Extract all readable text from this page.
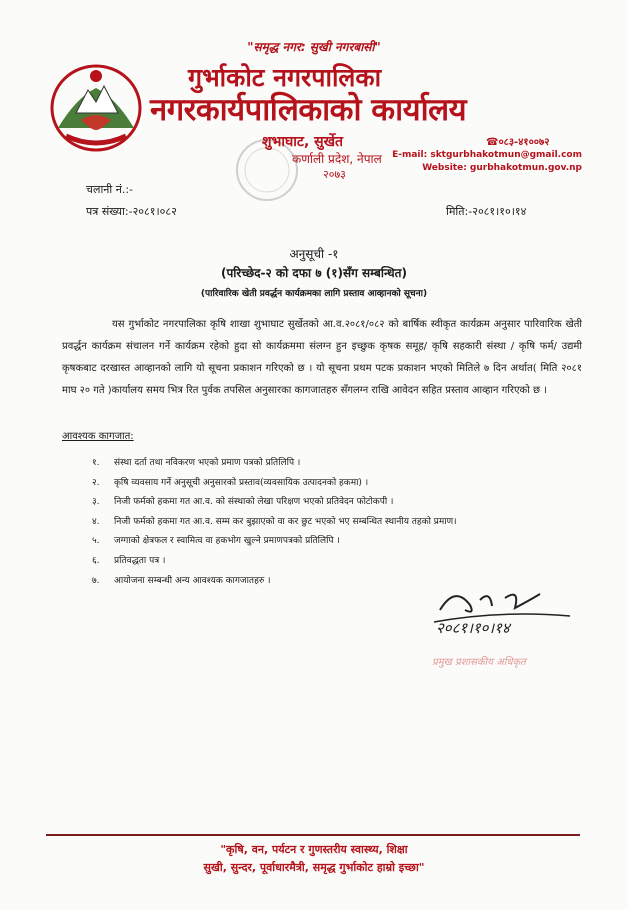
"समृद्ध नगर: सुखी नगरबासी"
गुर्भाकोट नगरपालिका
नगरकार्यपालिकाको कार्यालय
शुभाघाट, सुर्खेत
कर्णाली प्रदेश, नेपाल
२०७३
☎०८३-४१००७२
E-mail: sktgurbhakotmun@gmail.com
Website: gurbhakotmun.gov.np
चलानी नं.:-
पत्र संख्या:-२०८१।०८२	मिति:-२०८१।१०।१४
अनुसूची -१
(परिच्छेद-२ को दफा ७ (१)सँग सम्बन्धित)
(पारिवारिक खेती प्रवर्द्धन कार्यक्रमका लागि प्रस्ताव आव्हानको सूचना)

यस गुर्भाकोट नगरपालिका कृषि शाखा शुभाघाट सुर्खेतको आ.व.२०८१/०८२ को बार्षिक स्वीकृत कार्यक्रम अनुसार पारिवारिक खेती प्रवर्द्धन कार्यक्रम संचालन गर्ने कार्यक्रम रहेको हुदा सो कार्यक्रममा संलग्न हुन इच्छुक कृषक समूह/ कृषि सहकारी संस्था / कृषि फर्म/ उद्यमी कृषकबाट दरखास्त आव्हानको लागि यो सूचना प्रकाशन गरिएको छ । यो सूचना प्रथम पटक प्रकाशन भएको मितिले ७ दिन अर्थात( मिति २०८१ माघ २० गते )कार्यालय समय भित्र रित पुर्वक तपसिल अनुसारका कागजातहरु सँगलग्न राखि आवेदन सहित प्रस्ताव आव्हान गरिएको छ ।

आवश्यक कागजात:
१. संस्था दर्ता तथा नविकरण भएको प्रमाण पत्रको प्रतिलिपि ।
२. कृषि व्यवसाय गर्ने अनुसूची अनुसारको प्रस्ताव(व्यवसायिक उत्पादनको हकमा) ।
३. निजी फर्मको हकमा गत आ.व. को संस्थाको लेखा परिक्षण भएको प्रतिवेदन फोटोकपी ।
४. निजी फर्मको हकमा गत आ.व. सम्म कर बुझाएको वा कर छुट भएको भए सम्बन्धित स्थानीय तहको प्रमाण।
५. जग्गाको क्षेत्रफल र स्वामित्व वा हकभोग खुल्ने प्रमाणपत्रको प्रतिलिपि ।
६. प्रतिवद्धता पत्र ।
७. आयोजना सम्बन्धी अन्य आवश्यक कागजातहरु ।
२०८१।१०।१४
प्रमुख प्रशासकीय अधिकृत
"कृषि, वन, पर्यटन र गुणस्तरीय स्वास्थ्य, शिक्षा
सुखी, सुन्दर, पूर्वाधारमैत्री, समृद्ध गुर्भाकोट हाम्रो इच्छा"
